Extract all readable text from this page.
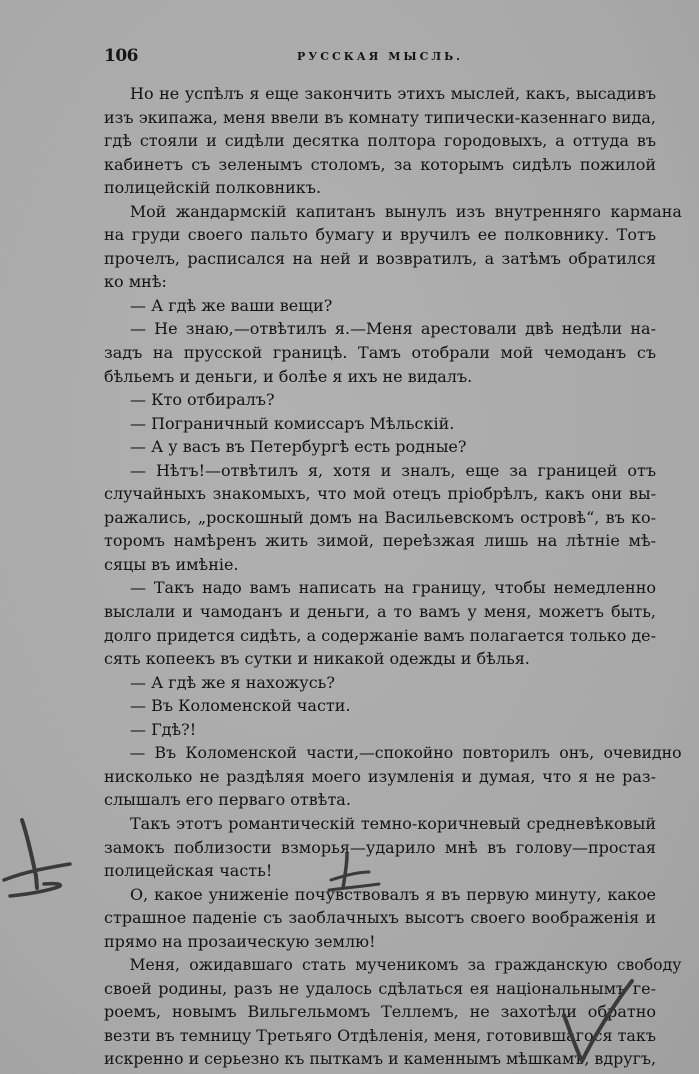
106	РУССКАЯ МЫСЛЬ.
Но не успѣлъ я еще закончить этихъ мыслей, какъ, высадивъ
изъ экипажа, меня ввели въ комнату типически-казеннаго вида,
гдѣ стояли и сидѣли десятка полтора городовыхъ, а оттуда въ
кабинетъ съ зеленымъ столомъ, за которымъ сидѣлъ пожилой
полицейскій полковникъ.
Мой жандармскій капитанъ вынулъ изъ внутренняго кармана
на груди своего пальто бумагу и вручилъ ее полковнику. Тотъ
прочелъ, расписался на ней и возвратилъ, а затѣмъ обратился
ко мнѣ:
— А гдѣ же ваши вещи?
— Не знаю,—отвѣтилъ я.—Меня арестовали двѣ недѣли на-
задъ на прусской границѣ. Тамъ отобрали мой чемоданъ съ
бѣльемъ и деньги, и болѣе я ихъ не видалъ.
— Кто отбиралъ?
— Пограничный комиссаръ Мѣльскій.
— А у васъ въ Петербургѣ есть родные?
— Нѣтъ!—отвѣтилъ я, хотя и зналъ, еще за границей отъ
случайныхъ знакомыхъ, что мой отецъ пріобрѣлъ, какъ они вы-
ражались, „роскошный домъ на Васильевскомъ островѣ“, въ ко-
торомъ намѣренъ жить зимой, переѣзжая лишь на лѣтніе мѣ-
сяцы въ имѣніе.
— Такъ надо вамъ написать на границу, чтобы немедленно
выслали и чамоданъ и деньги, а то вамъ у меня, можетъ быть,
долго придется сидѣть, а содержаніе вамъ полагается только де-
сять копеекъ въ сутки и никакой одежды и бѣлья.
— А гдѣ же я нахожусь?
— Въ Коломенской части.
— Гдѣ?!
— Въ Коломенской части,—спокойно повторилъ онъ, очевидно
нисколько не раздѣляя моего изумленія и думая, что я не раз-
слышалъ его перваго отвѣта.
Такъ этотъ романтическій темно-коричневый средневѣковый
замокъ поблизости взморья—ударило мнѣ въ голову—простая
полицейская часть!
О, какое униженіе почувствовалъ я въ первую минуту, какое
страшное паденіе съ заоблачныхъ высотъ своего воображенія и
прямо на прозаическую землю!
Меня, ожидавшаго стать мученикомъ за гражданскую свободу
своей родины, разъ не удалось сдѣлаться ея національнымъ ге-
роемъ, новымъ Вильгельмомъ Теллемъ, не захотѣли обратно
везти въ темницу Третьяго Отдѣленія, меня, готовившагося такъ
искренно и серьезно къ пыткамъ и каменнымъ мѣшкамъ, вдругъ,
